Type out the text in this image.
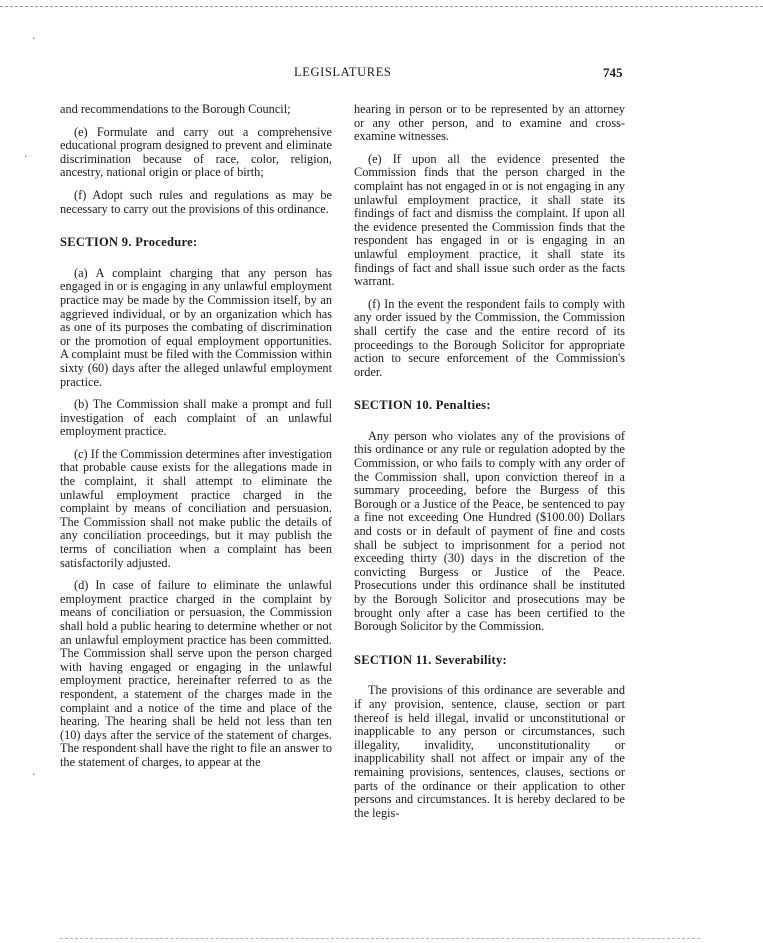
LEGISLATURES	745
·
·
·

and recommendations to the Borough Council;

(e) Formulate and carry out a comprehensive educational program designed to prevent and eliminate discrimination because of race, color, religion, ancestry, national origin or place of birth;

(f) Adopt such rules and regulations as may be necessary to carry out the provisions of this ordinance.

SECTION 9. Procedure:

(a) A complaint charging that any person has engaged in or is engaging in any unlawful employment practice may be made by the Commission itself, by an aggrieved individual, or by an organization which has as one of its purposes the combating of discrimination or the promotion of equal employment opportunities. A complaint must be filed with the Commission within sixty (60) days after the alleged unlawful employment practice.

(b) The Commission shall make a prompt and full investigation of each complaint of an unlawful employment practice.

(c) If the Commission determines after investigation that probable cause exists for the allegations made in the complaint, it shall attempt to eliminate the unlawful employment practice charged in the complaint by means of conciliation and persuasion. The Commission shall not make public the details of any conciliation proceedings, but it may publish the terms of conciliation when a complaint has been satisfactorily adjusted.

(d) In case of failure to eliminate the unlawful employment practice charged in the complaint by means of conciliation or persuasion, the Commission shall hold a public hearing to determine whether or not an unlawful employment practice has been committed. The Commission shall serve upon the person charged with having engaged or engaging in the unlawful employment practice, hereinafter referred to as the respondent, a statement of the charges made in the complaint and a notice of the time and place of the hearing. The hearing shall be held not less than ten (10) days after the service of the statement of charges. The respondent shall have the right to file an answer to the statement of charges, to appear at the

hearing in person or to be represented by an attorney or any other person, and to examine and cross-examine witnesses.

(e) If upon all the evidence presented the Commission finds that the person charged in the complaint has not engaged in or is not engaging in any unlawful employment practice, it shall state its findings of fact and dismiss the complaint. If upon all the evidence presented the Commission finds that the respondent has engaged in or is engaging in an unlawful employment practice, it shall state its findings of fact and shall issue such order as the facts warrant.

(f) In the event the respondent fails to comply with any order issued by the Commission, the Commission shall certify the case and the entire record of its proceedings to the Borough Solicitor for appropriate action to secure enforcement of the Commission's order.

SECTION 10. Penalties:

Any person who violates any of the provisions of this ordinance or any rule or regulation adopted by the Commission, or who fails to comply with any order of the Commission shall, upon conviction thereof in a summary proceeding, before the Burgess of this Borough or a Justice of the Peace, be sentenced to pay a fine not exceeding One Hundred ($100.00) Dollars and costs or in default of payment of fine and costs shall be subject to imprisonment for a period not exceeding thirty (30) days in the discretion of the convicting Burgess or Justice of the Peace. Prosecutions under this ordinance shall be instituted by the Borough Solicitor and prosecutions may be brought only after a case has been certified to the Borough Solicitor by the Commission.

SECTION 11. Severability:

The provisions of this ordinance are severable and if any provision, sentence, clause, section or part thereof is held illegal, invalid or unconstitutional or inapplicable to any person or circumstances, such illegality, invalidity, unconstitutionality or inapplicability shall not affect or impair any of the remaining provisions, sentences, clauses, sections or parts of the ordinance or their application to other persons and circumstances. It is hereby declared to be the legis-
